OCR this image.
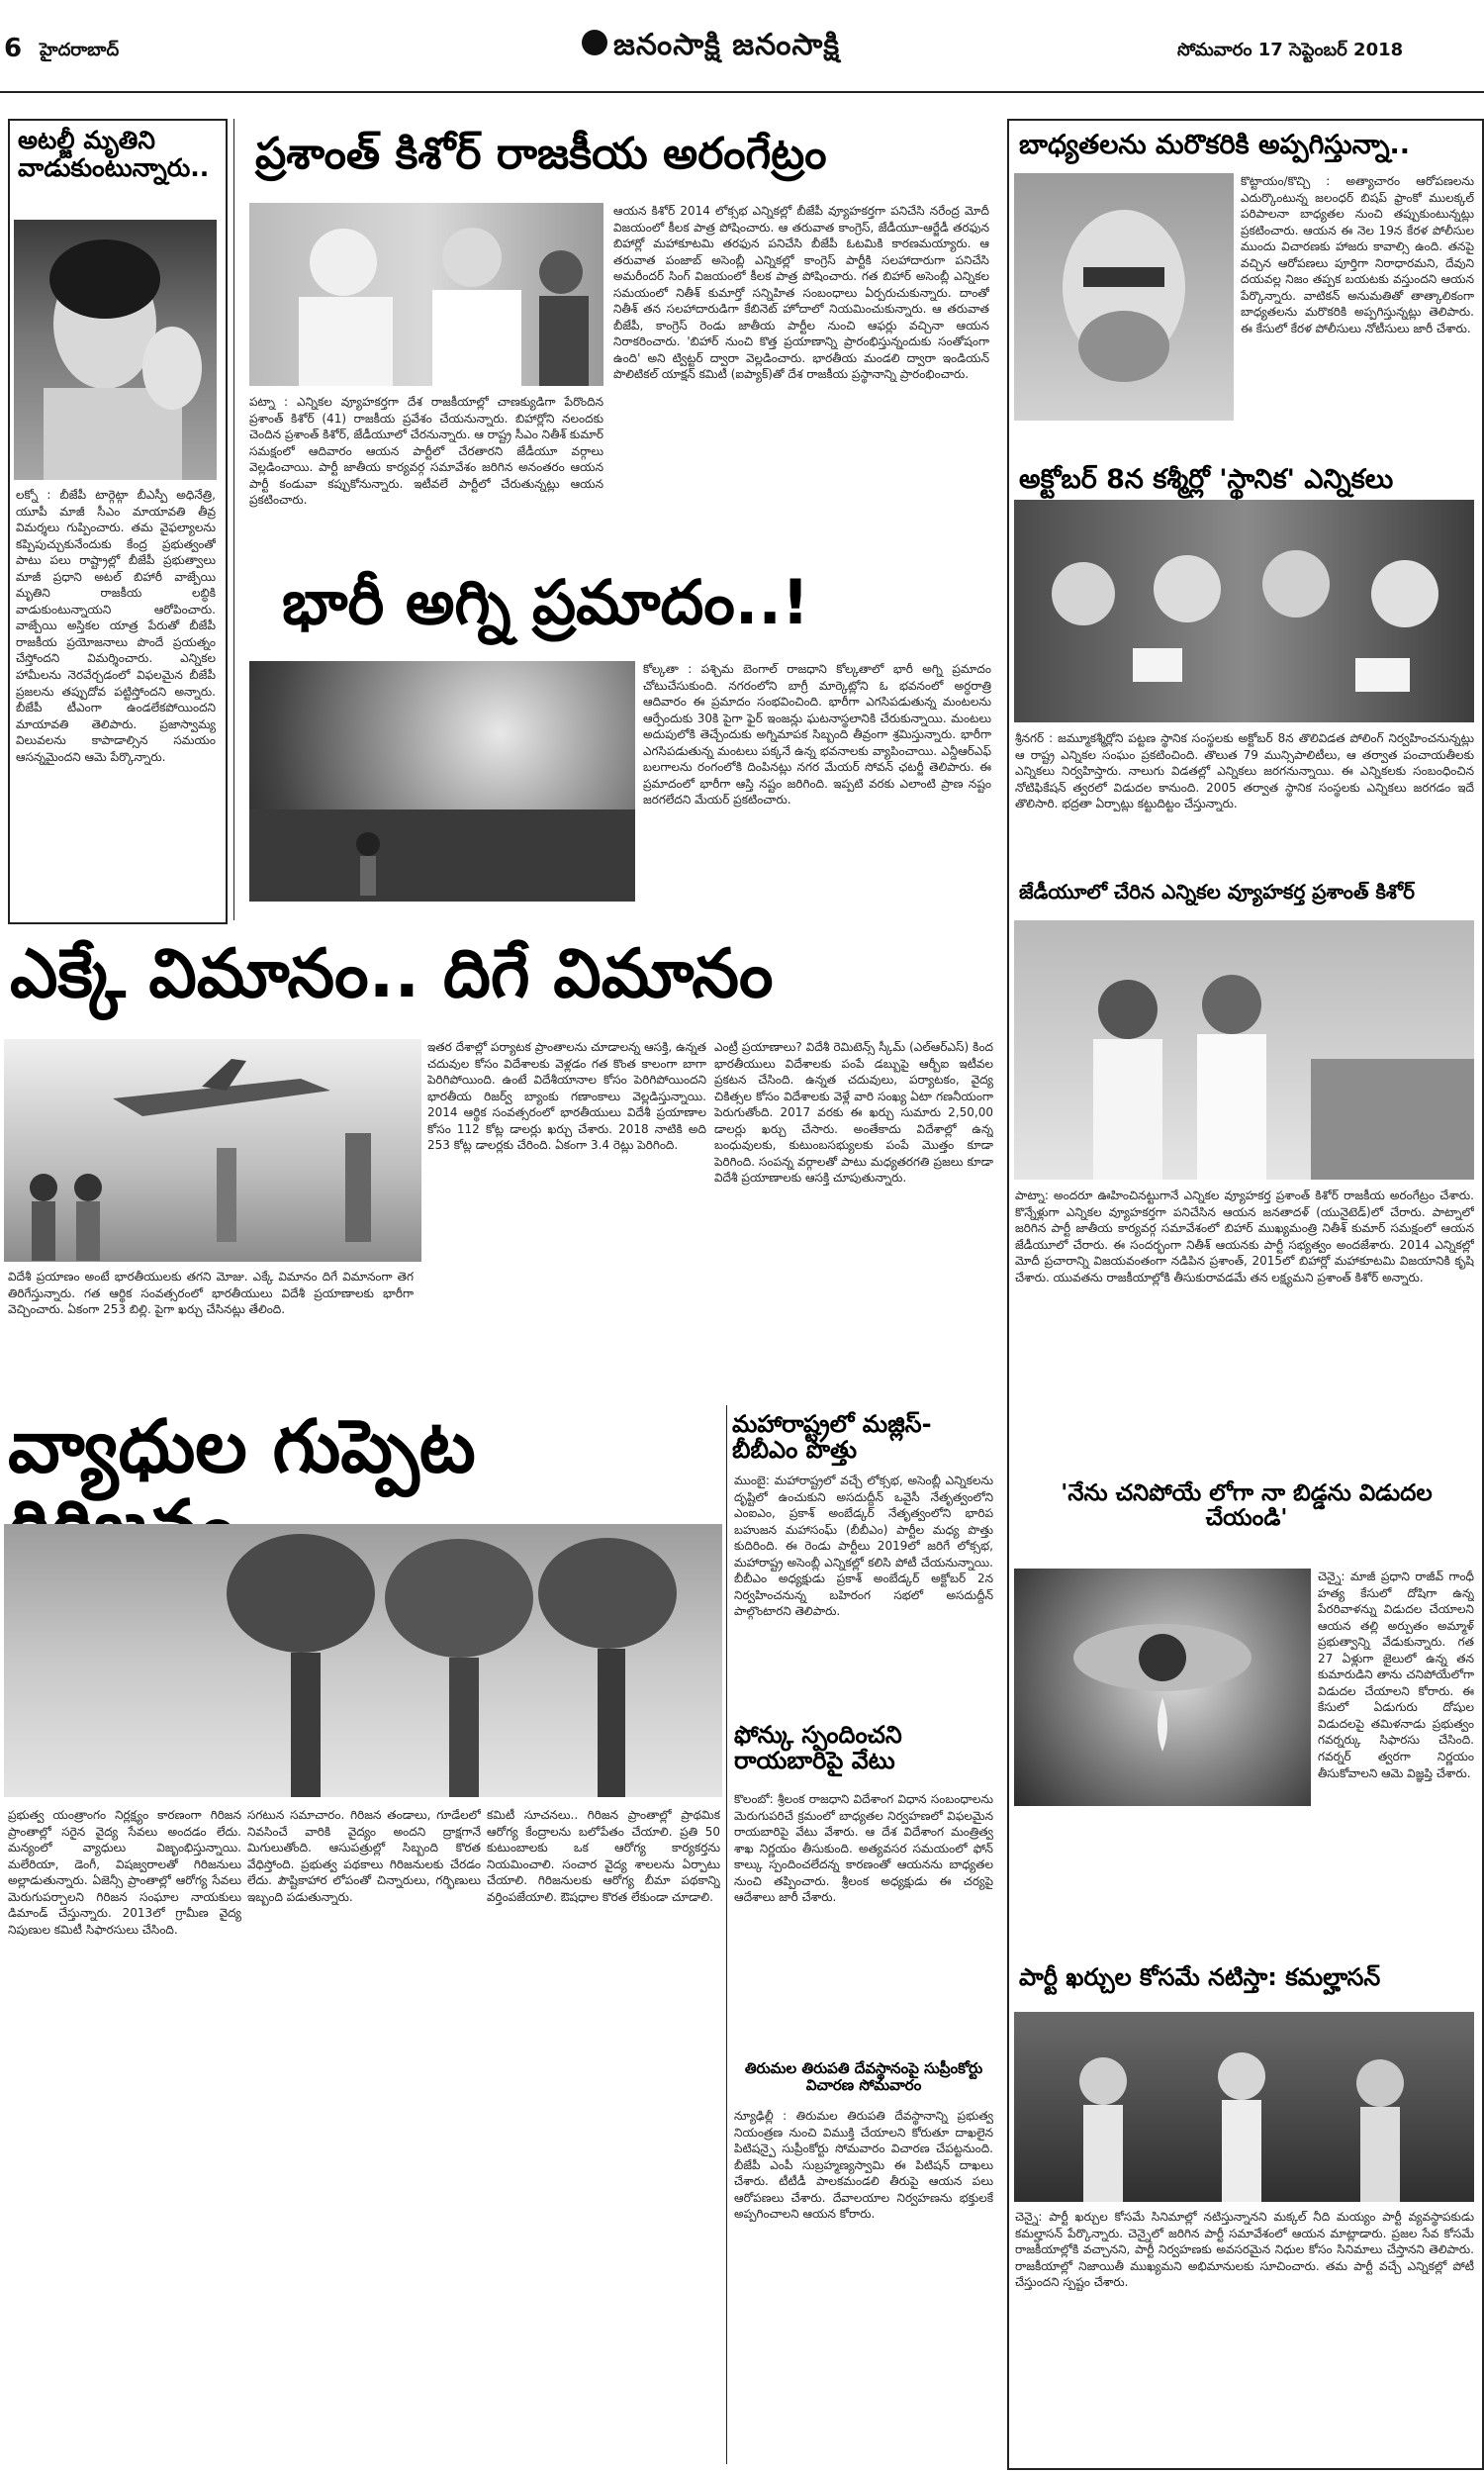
6 హైదరాబాద్	జనంసాక్షి జనంసాక్షి	సోమవారం 17 సెప్టెంబర్ 2018
అటల్జీ మృతిని వాడుకుంటున్నారు..
లక్నో : బీజేపీ టార్గెట్గా బీఎస్పీ అధినేత్రి, యూపీ మాజీ సీఎం మాయావతి తీవ్ర విమర్శలు గుప్పించారు. తమ వైఫల్యాలను కప్పిపుచ్చుకునేందుకు కేంద్ర ప్రభుత్వంతో పాటు పలు రాష్ట్రాల్లో బీజేపీ ప్రభుత్వాలు మాజీ ప్రధాని అటల్ బిహారీ వాజ్పేయి మృతిని రాజకీయ లబ్ధికి వాడుకుంటున్నాయని ఆరోపించారు. వాజ్పేయి అస్తికల యాత్ర పేరుతో బీజేపీ రాజకీయ ప్రయోజనాలు పొందే ప్రయత్నం చేస్తోందని విమర్శించారు. ఎన్నికల హామీలను నెరవేర్చడంలో విఫలమైన బీజేపీ ప్రజలను తప్పుదోవ పట్టిస్తోందని అన్నారు. బీజేపీ టీఎంగా ఉండలేకపోయిందని మాయావతి తెలిపారు. ప్రజాస్వామ్య విలువలను కాపాడాల్సిన సమయం ఆసన్నమైందని ఆమె పేర్కొన్నారు.
ప్రశాంత్ కిశోర్ రాజకీయ అరంగేట్రం
పట్నా : ఎన్నికల వ్యూహకర్తగా దేశ రాజకీయాల్లో చాణక్యుడిగా పేరొందిన ప్రశాంత్ కిశోర్ (41) రాజకీయ ప్రవేశం చేయనున్నారు. బిహార్లోని నలందకు చెందిన ప్రశాంత్ కిశోర్, జేడీయూలో చేరనున్నారు. ఆ రాష్ట్ర సీఎం నితీశ్ కుమార్ సమక్షంలో ఆదివారం ఆయన పార్టీలో చేరతారని జేడీయూ వర్గాలు వెల్లడించాయి. పార్టీ జాతీయ కార్యవర్గ సమావేశం జరిగిన అనంతరం ఆయన పార్టీ కండువా కప్పుకోనున్నారు. ఇటీవలే పార్టీలో చేరుతున్నట్లు ఆయన ప్రకటించారు.
ఆయన కిశోర్ 2014 లోక్సభ ఎన్నికల్లో బీజేపీ వ్యూహకర్తగా పనిచేసి నరేంద్ర మోదీ విజయంలో కీలక పాత్ర పోషించారు. ఆ తరువాత కాంగ్రెస్, జేడీయూ-ఆర్జేడీ తరఫున బిహార్లో మహాకూటమి తరఫున పనిచేసి బీజేపీ ఓటమికి కారణమయ్యారు. ఆ తరువాత పంజాబ్ అసెంబ్లీ ఎన్నికల్లో కాంగ్రెస్ పార్టీకి సలహాదారుగా పనిచేసి అమరీందర్ సింగ్ విజయంలో కీలక పాత్ర పోషించారు. గత బిహార్ అసెంబ్లీ ఎన్నికల సమయంలో నితీశ్ కుమార్తో సన్నిహిత సంబంధాలు ఏర్పరుచుకున్నారు. దాంతో నితీశ్ తన సలహాదారుడిగా కేబినెట్ హోదాలో నియమించుకున్నారు. ఆ తరువాత బీజేపీ, కాంగ్రెస్ రెండు జాతీయ పార్టీల నుంచి ఆఫర్లు వచ్చినా ఆయన నిరాకరించారు. 'బిహార్ నుంచి కొత్త ప్రయాణాన్ని ప్రారంభిస్తున్నందుకు సంతోషంగా ఉంది' అని ట్విట్టర్ ద్వారా వెల్లడించారు. భారతీయ మండలి ద్వారా ఇండియన్ పొలిటికల్ యాక్షన్ కమిటీ (ఐప్యాక్)తో దేశ రాజకీయ ప్రస్థానాన్ని ప్రారంభించారు.
భారీ అగ్ని ప్రమాదం..!
కోల్కతా : పశ్చిమ బెంగాల్ రాజధాని కోల్కతాలో భారీ అగ్ని ప్రమాదం చోటుచేసుకుంది. నగరంలోని బాగ్రీ మార్కెట్లోని ఓ భవనంలో అర్ధరాత్రి ఆదివారం ఈ ప్రమాదం సంభవించింది. భారీగా ఎగసిపడుతున్న మంటలను ఆర్పేందుకు 30కి పైగా ఫైర్ ఇంజన్లు ఘటనాస్థలానికి చేరుకున్నాయి. మంటలు అదుపులోకి తెచ్చేందుకు అగ్నిమాపక సిబ్బంది తీవ్రంగా శ్రమిస్తున్నారు. భారీగా ఎగసిపడుతున్న మంటలు పక్కనే ఉన్న భవనాలకు వ్యాపించాయి. ఎన్డీఆర్ఎఫ్ బలగాలను రంగంలోకి దింపినట్లు నగర మేయర్ సోవన్ ఛటర్జీ తెలిపారు. ఈ ప్రమాదంలో భారీగా ఆస్తి నష్టం జరిగింది. ఇప్పటి వరకు ఎలాంటి ప్రాణ నష్టం జరగలేదని మేయర్ ప్రకటించారు.
ఎక్కే విమానం.. దిగే విమానం
విదేశీ ప్రయాణం అంటే భారతీయులకు తగని మోజు. ఎక్కే విమానం దిగే విమానంగా తెగ తిరిగేస్తున్నారు. గత ఆర్థిక సంవత్సరంలో భారతీయులు విదేశీ ప్రయాణాలకు భారీగా వెచ్చించారు. ఏకంగా 253 బిల్లి. పైగా ఖర్చు చేసినట్లు తేలింది.
ఇతర దేశాల్లో పర్యాటక ప్రాంతాలను చూడాలన్న ఆసక్తి, ఉన్నత చదువుల కోసం విదేశాలకు వెళ్లడం గత కొంత కాలంగా బాగా పెరిగిపోయింది. ఉంటే విదేశీయానాల కోసం పెరిగిపోయిందని భారతీయ రిజర్వ్ బ్యాంకు గణాంకాలు వెల్లడిస్తున్నాయి. 2014 ఆర్థిక సంవత్సరంలో భారతీయులు విదేశీ ప్రయాణాల కోసం 112 కోట్ల డాలర్లు ఖర్చు చేశారు. 2018 నాటికి అది 253 కోట్ల డాలర్లకు చేరింది. ఏకంగా 3.4 రెట్లు పెరిగింది.
ఎంట్రీ ప్రయాణాలు? విదేశీ రెమిటెన్స్ స్కీమ్ (ఎల్ఆర్ఎస్) కింద భారతీయులు విదేశాలకు పంపే డబ్బుపై ఆర్బీఐ ఇటీవల ప్రకటన చేసింది. ఉన్నత చదువులు, పర్యాటకం, వైద్య చికిత్సల కోసం విదేశాలకు వెళ్లే వారి సంఖ్య ఏటా గణనీయంగా పెరుగుతోంది. 2017 వరకు ఈ ఖర్చు సుమారు 2,50,00 డాలర్లు ఖర్చు చేసారు. అంతేకాదు విదేశాల్లో ఉన్న బంధువులకు, కుటుంబసభ్యులకు పంపే మొత్తం కూడా పెరిగింది. సంపన్న వర్గాలతో పాటు మధ్యతరగతి ప్రజలు కూడా విదేశీ ప్రయాణాలకు ఆసక్తి చూపుతున్నారు.
వ్యాధుల గుప్పెట
ప్రభుత్వ యంత్రాంగం నిర్లక్ష్యం కారణంగా గిరిజన ప్రాంతాల్లో సరైన వైద్య సేవలు అందడం లేదు. మన్యంలో వ్యాధులు విజృంభిస్తున్నాయి. మలేరియా, డెంగీ, విషజ్వరాలతో గిరిజనులు అల్లాడుతున్నారు. ఏజెన్సీ ప్రాంతాల్లో ఆరోగ్య సేవలు మెరుగుపర్చాలని గిరిజన సంఘాల నాయకులు డిమాండ్ చేస్తున్నారు. 2013లో గ్రామీణ వైద్య నిపుణుల కమిటీ సిఫారసులు చేసింది.
సగటున సమాచారం. గిరిజన తండాలు, గూడేలలో నివసించే వారికి వైద్యం అందని ద్రాక్షగానే మిగులుతోంది. ఆసుపత్రుల్లో సిబ్బంది కొరత వేధిస్తోంది. ప్రభుత్వ పథకాలు గిరిజనులకు చేరడం లేదు. పౌష్టికాహార లోపంతో చిన్నారులు, గర్భిణులు ఇబ్బంది పడుతున్నారు.
కమిటీ సూచనలు.. గిరిజన ప్రాంతాల్లో ప్రాథమిక ఆరోగ్య కేంద్రాలను బలోపేతం చేయాలి. ప్రతి 50 కుటుంబాలకు ఒక ఆరోగ్య కార్యకర్తను నియమించాలి. సంచార వైద్య శాలలను ఏర్పాటు చేయాలి. గిరిజనులకు ఆరోగ్య బీమా పథకాన్ని వర్తింపజేయాలి. ఔషధాల కొరత లేకుండా చూడాలి.
మహారాష్ట్రలో మజ్లిస్-బీబీఎం పొత్తు
ముంబై: మహారాష్ట్రలో వచ్చే లోక్సభ, అసెంబ్లీ ఎన్నికలను దృష్టిలో ఉంచుకుని అసదుద్దీన్ ఒవైసీ నేతృత్వంలోని ఎంఐఎం, ప్రకాశ్ అంబేడ్కర్ నేతృత్వంలోని భారిప బహుజన మహాసంఘ్ (బీబీఎం) పార్టీల మధ్య పొత్తు కుదిరింది. ఈ రెండు పార్టీలు 2019లో జరిగే లోక్సభ, మహారాష్ట్ర అసెంబ్లీ ఎన్నికల్లో కలిసి పోటీ చేయనున్నాయి. బీబీఎం అధ్యక్షుడు ప్రకాశ్ అంబేడ్కర్ అక్టోబర్ 2న నిర్వహించనున్న బహిరంగ సభలో అసదుద్దీన్ పాల్గొంటారని తెలిపారు.
ఫోన్కు స్పందించని రాయబారిపై వేటు
కొలంబో: శ్రీలంక రాజధాని విదేశాంగ విధాన సంబంధాలను మెరుగుపరిచే క్రమంలో బాధ్యతల నిర్వహణలో విఫలమైన రాయబారిపై వేటు వేశారు. ఆ దేశ విదేశాంగ మంత్రిత్వ శాఖ నిర్ణయం తీసుకుంది. అత్యవసర సమయంలో ఫోన్ కాల్కు స్పందించలేదన్న కారణంతో ఆయనను బాధ్యతల నుంచి తప్పించారు. శ్రీలంక అధ్యక్షుడు ఈ చర్యపై ఆదేశాలు జారీ చేశారు.
తిరుమల తిరుపతి దేవస్థానంపై సుప్రీంకోర్టు విచారణ సోమవారం
న్యూఢిల్లీ : తిరుమల తిరుపతి దేవస్థానాన్ని ప్రభుత్వ నియంత్రణ నుంచి విముక్తి చేయాలని కోరుతూ దాఖలైన పిటిషన్పై సుప్రీంకోర్టు సోమవారం విచారణ చేపట్టనుంది. బీజేపీ ఎంపీ సుబ్రహ్మణ్యస్వామి ఈ పిటిషన్ దాఖలు చేశారు. టీటీడీ పాలకమండలి తీరుపై ఆయన పలు ఆరోపణలు చేశారు. దేవాలయాల నిర్వహణను భక్తులకే అప్పగించాలని ఆయన కోరారు.
బాధ్యతలను మరొకరికి అప్పగిస్తున్నా..
కొట్టాయం/కొచ్చి : అత్యాచారం ఆరోపణలను ఎదుర్కొంటున్న జలంధర్ బిషప్ ఫ్రాంకో ములక్కల్ పరిపాలనా బాధ్యతల నుంచి తప్పుకుంటున్నట్లు ప్రకటించారు. ఆయన ఈ నెల 19న కేరళ పోలీసుల ముందు విచారణకు హాజరు కావాల్సి ఉంది. తనపై వచ్చిన ఆరోపణలు పూర్తిగా నిరాధారమని, దేవుని దయవల్ల నిజం తప్పక బయటకు వస్తుందని ఆయన పేర్కొన్నారు. వాటికన్ అనుమతితో తాత్కాలికంగా బాధ్యతలను మరొకరికి అప్పగిస్తున్నట్లు తెలిపారు. ఈ కేసులో కేరళ పోలీసులు నోటీసులు జారీ చేశారు.
అక్టోబర్ 8న కశ్మీర్లో 'స్థానిక' ఎన్నికలు
శ్రీనగర్ : జమ్మూకశ్మీర్లోని పట్టణ స్థానిక సంస్థలకు అక్టోబర్ 8న తొలివిడత పోలింగ్ నిర్వహించనున్నట్లు ఆ రాష్ట్ర ఎన్నికల సంఘం ప్రకటించింది. తొలుత 79 మున్సిపాలిటీలు, ఆ తర్వాత పంచాయతీలకు ఎన్నికలు నిర్వహిస్తారు. నాలుగు విడతల్లో ఎన్నికలు జరగనున్నాయి. ఈ ఎన్నికలకు సంబంధించిన నోటిఫికేషన్ త్వరలో విడుదల కానుంది. 2005 తర్వాత స్థానిక సంస్థలకు ఎన్నికలు జరగడం ఇదే తొలిసారి. భద్రతా ఏర్పాట్లు కట్టుదిట్టం చేస్తున్నారు.
జేడీయూలో చేరిన ఎన్నికల వ్యూహకర్త ప్రశాంత్ కిశోర్
పాట్నా: అందరూ ఊహించినట్టుగానే ఎన్నికల వ్యూహకర్త ప్రశాంత్ కిశోర్ రాజకీయ అరంగేట్రం చేశారు. కొన్నేళ్లుగా ఎన్నికల వ్యూహకర్తగా పనిచేసిన ఆయన జనతాదళ్ (యునైటెడ్)లో చేరారు. పాట్నాలో జరిగిన పార్టీ జాతీయ కార్యవర్గ సమావేశంలో బిహార్ ముఖ్యమంత్రి నితీశ్ కుమార్ సమక్షంలో ఆయన జేడీయూలో చేరారు. ఈ సందర్భంగా నితీశ్ ఆయనకు పార్టీ సభ్యత్వం అందజేశారు. 2014 ఎన్నికల్లో మోదీ ప్రచారాన్ని విజయవంతంగా నడిపిన ప్రశాంత్, 2015లో బిహార్లో మహాకూటమి విజయానికి కృషి చేశారు. యువతను రాజకీయాల్లోకి తీసుకురావడమే తన లక్ష్యమని ప్రశాంత్ కిశోర్ అన్నారు.
'నేను చనిపోయే లోగా నా బిడ్డను విడుదల చేయండి'
చెన్నై: మాజీ ప్రధాని రాజీవ్ గాంధీ హత్య కేసులో దోషిగా ఉన్న పేరరివాళన్ను విడుదల చేయాలని ఆయన తల్లి అర్పుతం అమ్మాళ్ ప్రభుత్వాన్ని వేడుకున్నారు. గత 27 ఏళ్లుగా జైలులో ఉన్న తన కుమారుడిని తాను చనిపోయేలోగా విడుదల చేయాలని కోరారు. ఈ కేసులో ఏడుగురు దోషుల విడుదలపై తమిళనాడు ప్రభుత్వం గవర్నర్కు సిఫారసు చేసింది. గవర్నర్ త్వరగా నిర్ణయం తీసుకోవాలని ఆమె విజ్ఞప్తి చేశారు.
పార్టీ ఖర్చుల కోసమే నటిస్తా: కమల్హాసన్
చెన్నై: పార్టీ ఖర్చుల కోసమే సినిమాల్లో నటిస్తున్నానని మక్కల్ నీది మయ్యం పార్టీ వ్యవస్థాపకుడు కమల్హాసన్ పేర్కొన్నారు. చెన్నైలో జరిగిన పార్టీ సమావేశంలో ఆయన మాట్లాడారు. ప్రజల సేవ కోసమే రాజకీయాల్లోకి వచ్చానని, పార్టీ నిర్వహణకు అవసరమైన నిధుల కోసం సినిమాలు చేస్తానని తెలిపారు. రాజకీయాల్లో నిజాయితీ ముఖ్యమని అభిమానులకు సూచించారు. తమ పార్టీ వచ్చే ఎన్నికల్లో పోటీ చేస్తుందని స్పష్టం చేశారు.
